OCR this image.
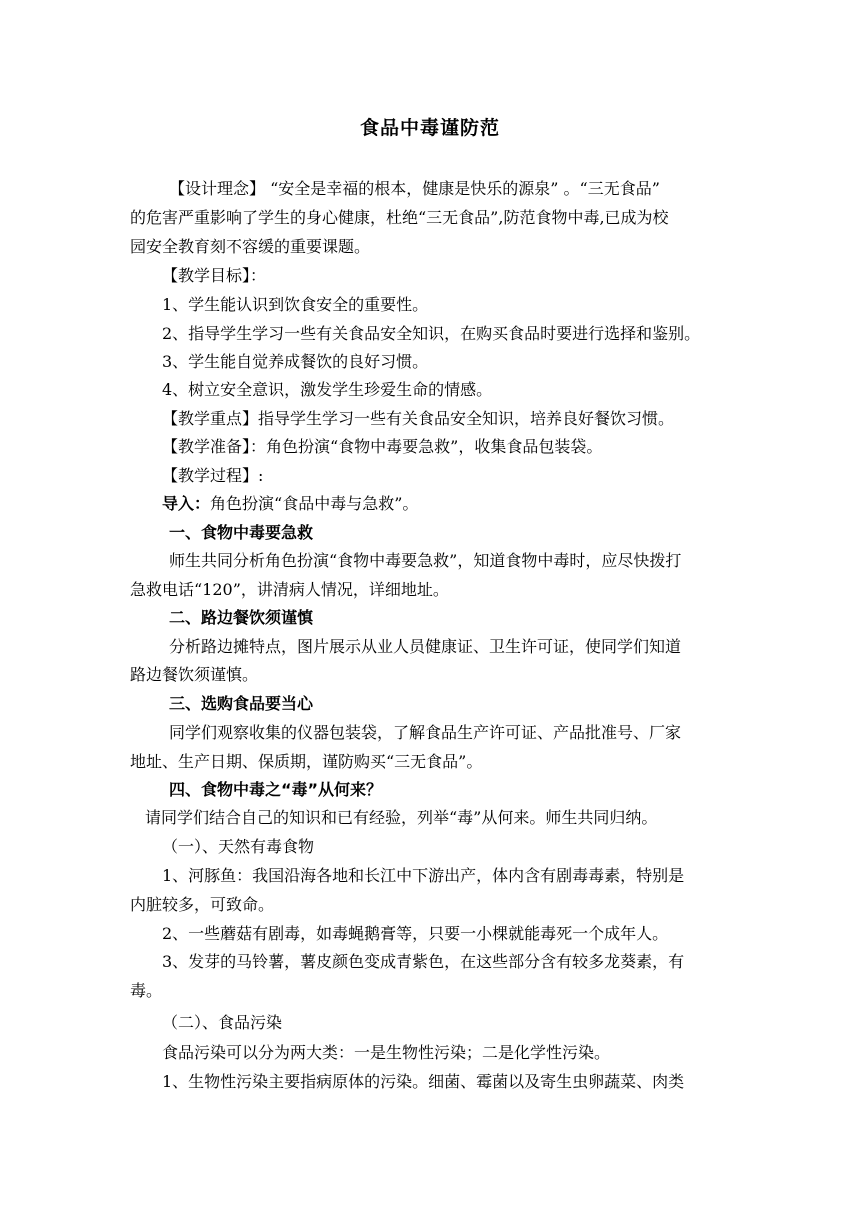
食品中毒谨防范
【设计理念】 “安全是幸福的根本，健康是快乐的源泉” 。“三无食品”
的危害严重影响了学生的身心健康，杜绝“三无食品”,防范食物中毒,已成为校
园安全教育刻不容缓的重要课题。
【教学目标】：
1、学生能认识到饮食安全的重要性。
2、指导学生学习一些有关食品安全知识，在购买食品时要进行选择和鉴别。
3、学生能自觉养成餐饮的良好习惯。
4、树立安全意识，激发学生珍爱生命的情感。
【教学重点】指导学生学习一些有关食品安全知识，培养良好餐饮习惯。
【教学准备】：角色扮演“食物中毒要急救”，收集食品包装袋。
【教学过程】:
导入：角色扮演“食品中毒与急救”。
一、食物中毒要急救
师生共同分析角色扮演“食物中毒要急救”，知道食物中毒时，应尽快拨打
急救电话“120”，讲清病人情况，详细地址。
二、路边餐饮须谨慎
分析路边摊特点，图片展示从业人员健康证、卫生许可证，使同学们知道
路边餐饮须谨慎。
三、选购食品要当心
同学们观察收集的仪器包装袋，了解食品生产许可证、产品批准号、厂家
地址、生产日期、保质期，谨防购买“三无食品”。
四、食物中毒之“毒”从何来？
请同学们结合自己的知识和已有经验，列举“毒”从何来。师生共同归纳。
（一）、天然有毒食物
1、河豚鱼：我国沿海各地和长江中下游出产，体内含有剧毒毒素，特别是
内脏较多，可致命。
2、一些蘑菇有剧毒，如毒蝇鹅膏等，只要一小棵就能毒死一个成年人。
3、发芽的马铃薯，薯皮颜色变成青紫色，在这些部分含有较多龙葵素，有
毒。
（二）、食品污染
食品污染可以分为两大类：一是生物性污染；二是化学性污染。
1、生物性污染主要指病原体的污染。细菌、霉菌以及寄生虫卵蔬菜、肉类
